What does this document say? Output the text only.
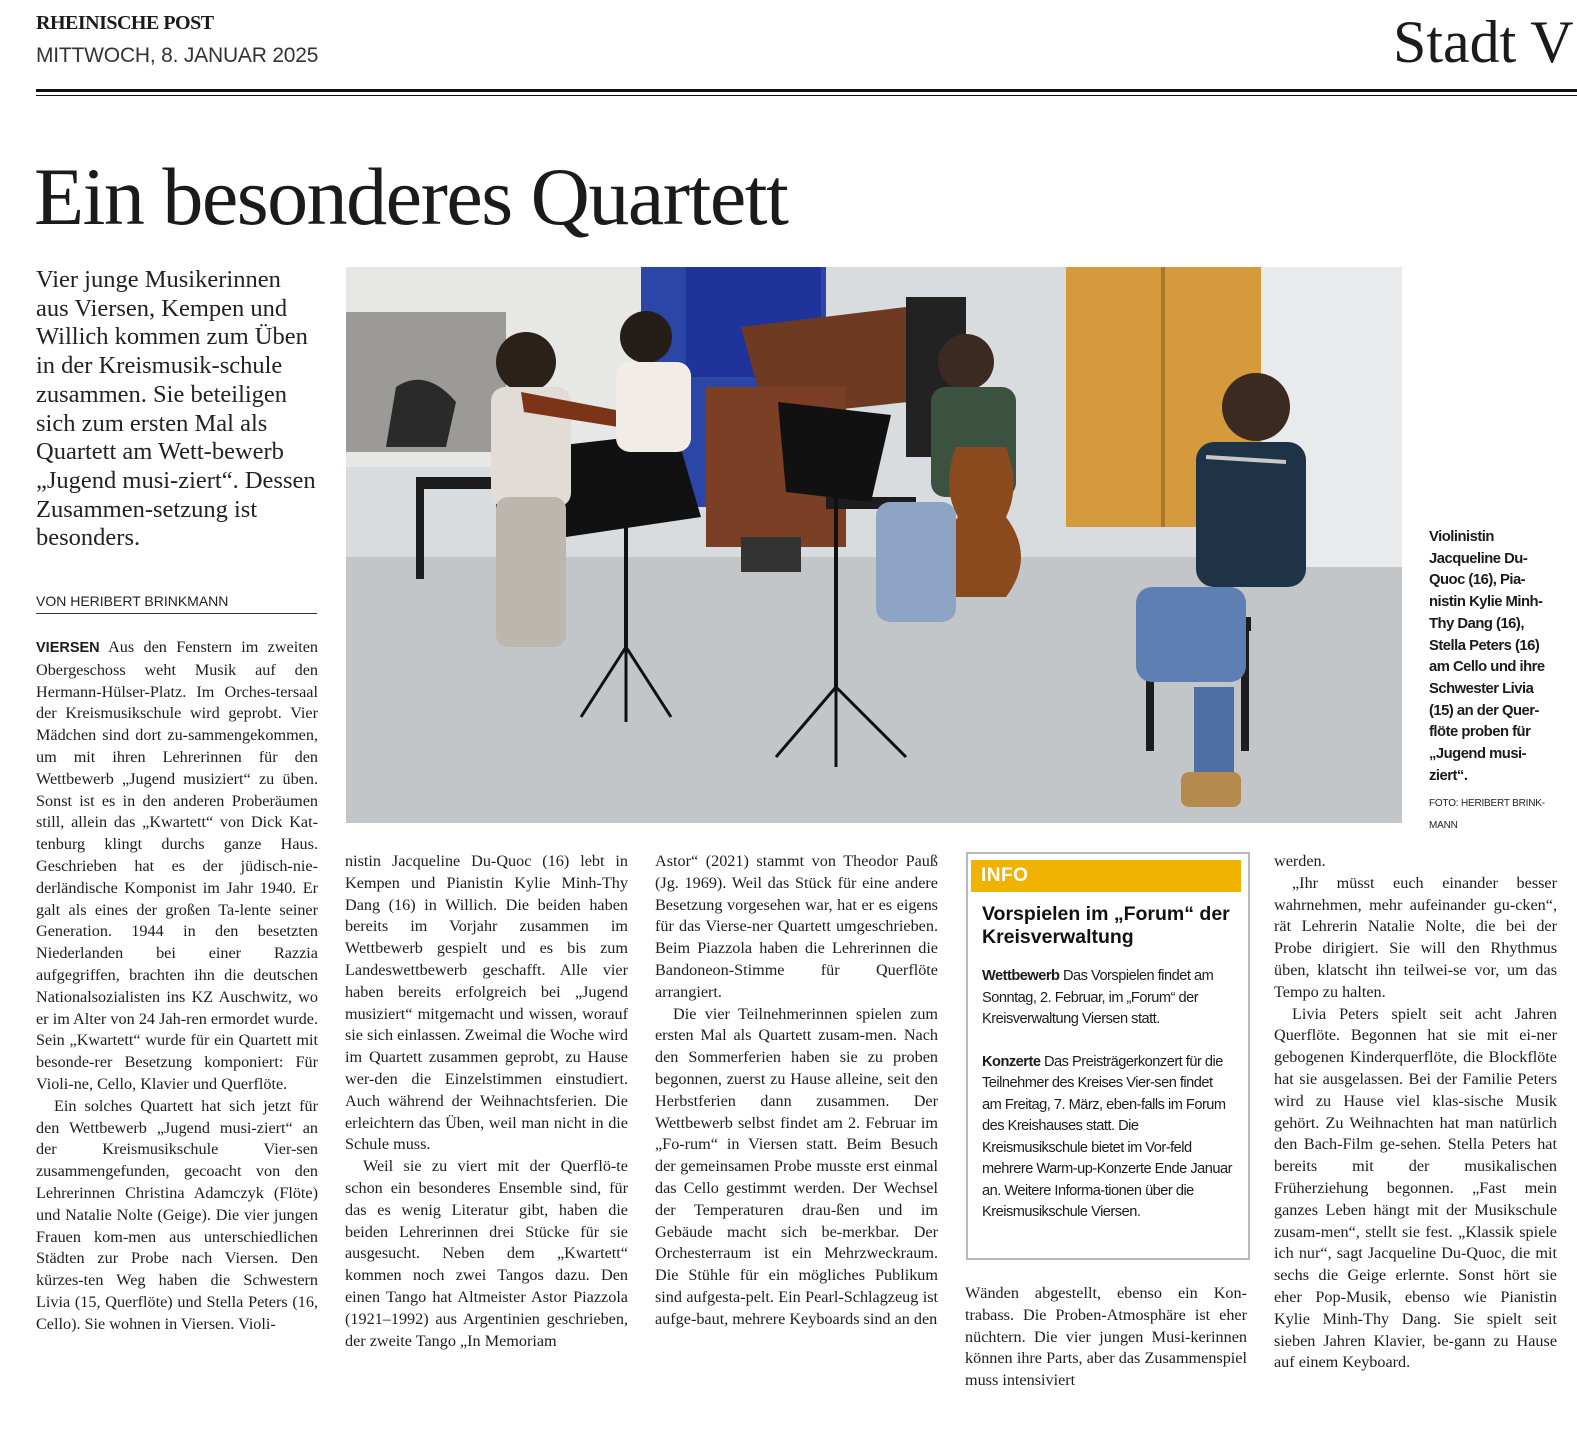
RHEINISCHE POST
MITTWOCH, 8. JANUAR 2025	Stadt V
Ein besonderes Quartett
Vier junge Musikerinnen aus Viersen, Kempen und Willich kommen zum Üben in der Kreismusik-schule zusammen. Sie beteiligen sich zum ersten Mal als Quartett am Wett-bewerb „Jugend musi-ziert“. Dessen Zusammen-setzung ist besonders.
VON HERIBERT BRINKMANN
Violinistin Jacqueline Du-Quoc (16), Pia-nistin Kylie Minh-Thy Dang (16), Stella Peters (16) am Cello und ihre Schwester Livia (15) an der Quer-flöte proben für „Jugend musi-ziert“.
FOTO: HERIBERT BRINK-MANN

VIERSEN Aus den Fenstern im zweiten Obergeschoss weht Musik auf den Hermann-Hülser-Platz. Im Orches-tersaal der Kreismusikschule wird geprobt. Vier Mädchen sind dort zu-sammengekommen, um mit ihren Lehrerinnen für den Wettbewerb „Jugend musiziert“ zu üben. Sonst ist es in den anderen Proberäumen still, allein das „Kwartett“ von Dick Kat-tenburg klingt durchs ganze Haus. Geschrieben hat es der jüdisch-nie-derländische Komponist im Jahr 1940. Er galt als eines der großen Ta-lente seiner Generation. 1944 in den besetzten Niederlanden bei einer Razzia aufgegriffen, brachten ihn die deutschen Nationalsozialisten ins KZ Auschwitz, wo er im Alter von 24 Jah-ren ermordet wurde. Sein „Kwartett“ wurde für ein Quartett mit besonde-rer Besetzung komponiert: Für Violi-ne, Cello, Klavier und Querflöte.

Ein solches Quartett hat sich jetzt für den Wettbewerb „Jugend musi-ziert“ an der Kreismusikschule Vier-sen zusammengefunden, gecoacht von den Lehrerinnen Christina Adamczyk (Flöte) und Natalie Nolte (Geige). Die vier jungen Frauen kom-men aus unterschiedlichen Städten zur Probe nach Viersen. Den kürzes-ten Weg haben die Schwestern Livia (15, Querflöte) und Stella Peters (16, Cello). Sie wohnen in Viersen. Violi-

nistin Jacqueline Du-Quoc (16) lebt in Kempen und Pianistin Kylie Minh-Thy Dang (16) in Willich. Die beiden haben bereits im Vorjahr zusammen im Wettbewerb gespielt und es bis zum Landeswettbewerb geschafft. Alle vier haben bereits erfolgreich bei „Jugend musiziert“ mitgemacht und wissen, worauf sie sich einlassen. Zweimal die Woche wird im Quartett zusammen geprobt, zu Hause wer-den die Einzelstimmen einstudiert. Auch während der Weihnachtsferien. Die erleichtern das Üben, weil man nicht in die Schule muss.

Weil sie zu viert mit der Querflö-te schon ein besonderes Ensemble sind, für das es wenig Literatur gibt, haben die beiden Lehrerinnen drei Stücke für sie ausgesucht. Neben dem „Kwartett“ kommen noch zwei Tangos dazu. Den einen Tango hat Altmeister Astor Piazzola (1921–1992) aus Argentinien geschrieben, der zweite Tango „In Memoriam

Astor“ (2021) stammt von Theodor Pauß (Jg. 1969). Weil das Stück für eine andere Besetzung vorgesehen war, hat er es eigens für das Vierse-ner Quartett umgeschrieben. Beim Piazzola haben die Lehrerinnen die Bandoneon-Stimme für Querflöte arrangiert.

Die vier Teilnehmerinnen spielen zum ersten Mal als Quartett zusam-men. Nach den Sommerferien haben sie zu proben begonnen, zuerst zu Hause alleine, seit den Herbstferien dann zusammen. Der Wettbewerb selbst findet am 2. Februar im „Fo-rum“ in Viersen statt. Beim Besuch der gemeinsamen Probe musste erst einmal das Cello gestimmt werden. Der Wechsel der Temperaturen drau-ßen und im Gebäude macht sich be-merkbar. Der Orchesterraum ist ein Mehrzweckraum. Die Stühle für ein mögliches Publikum sind aufgesta-pelt. Ein Pearl-Schlagzeug ist aufge-baut, mehrere Keyboards sind an den

INFO
Vorspielen im „Forum“ der Kreisverwaltung

Wettbewerb Das Vorspielen findet am Sonntag, 2. Februar, im „Forum“ der Kreisverwaltung Viersen statt.

Konzerte Das Preisträgerkonzert für die Teilnehmer des Kreises Vier-sen findet am Freitag, 7. März, eben-falls im Forum des Kreishauses statt. Die Kreismusikschule bietet im Vor-feld mehrere Warm-up-Konzerte Ende Januar an. Weitere Informa-tionen über die Kreismusikschule Viersen.

Wänden abgestellt, ebenso ein Kon-trabass. Die Proben-Atmosphäre ist eher nüchtern. Die vier jungen Musi-kerinnen können ihre Parts, aber das Zusammenspiel muss intensiviert

werden.

„Ihr müsst euch einander besser wahrnehmen, mehr aufeinander gu-cken“, rät Lehrerin Natalie Nolte, die bei der Probe dirigiert. Sie will den Rhythmus üben, klatscht ihn teilwei-se vor, um das Tempo zu halten.

Livia Peters spielt seit acht Jahren Querflöte. Begonnen hat sie mit ei-ner gebogenen Kinderquerflöte, die Blockflöte hat sie ausgelassen. Bei der Familie Peters wird zu Hause viel klas-sische Musik gehört. Zu Weihnachten hat man natürlich den Bach-Film ge-sehen. Stella Peters hat bereits mit der musikalischen Früherziehung begonnen. „Fast mein ganzes Leben hängt mit der Musikschule zusam-men“, stellt sie fest. „Klassik spiele ich nur“, sagt Jacqueline Du-Quoc, die mit sechs die Geige erlernte. Sonst hört sie eher Pop-Musik, ebenso wie Pianistin Kylie Minh-Thy Dang. Sie spielt seit sieben Jahren Klavier, be-gann zu Hause auf einem Keyboard.
